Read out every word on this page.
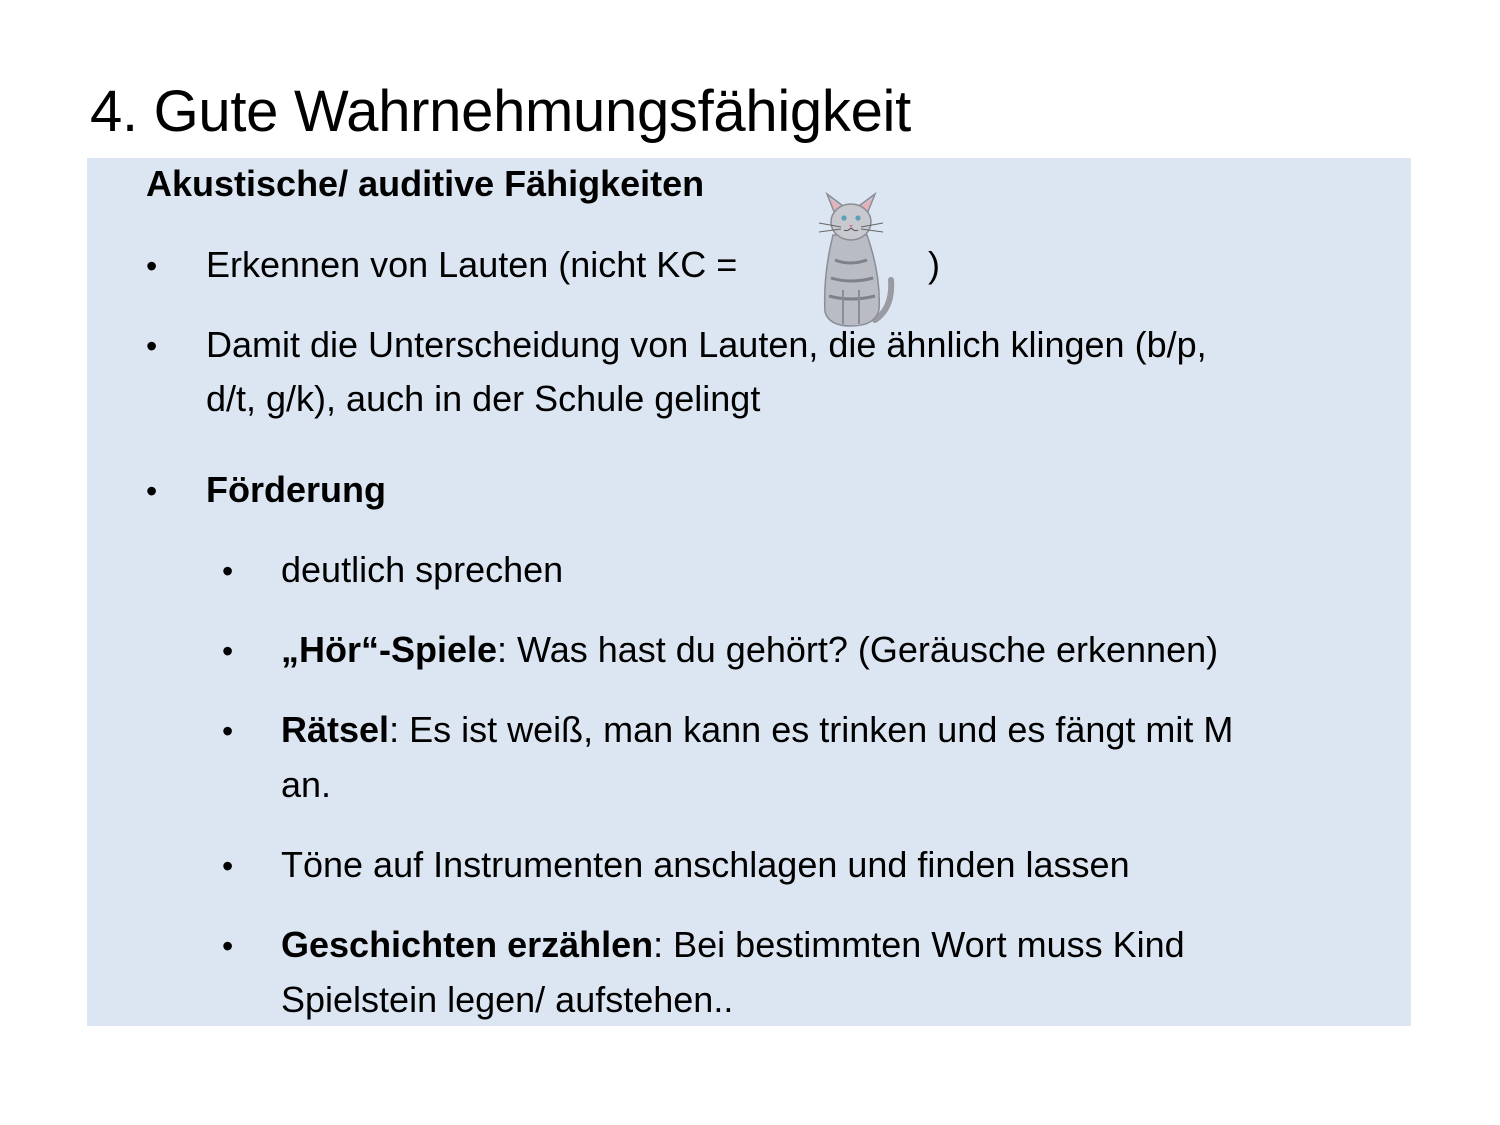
4. Gute Wahrnehmungsfähigkeit
Akustische/ auditive Fähigkeiten
• Erkennen von Lauten (nicht KC =	)
• Damit die Unterscheidung von Lauten, die ähnlich klingen (b/p,
d/t, g/k), auch in der Schule gelingt
• Förderung
• deutlich sprechen
• „Hör“-Spiele: Was hast du gehört? (Geräusche erkennen)
• Rätsel: Es ist weiß, man kann es trinken und es fängt mit M
an.
• Töne auf Instrumenten anschlagen und finden lassen
• Geschichten erzählen: Bei bestimmten Wort muss Kind
Spielstein legen/ aufstehen..
